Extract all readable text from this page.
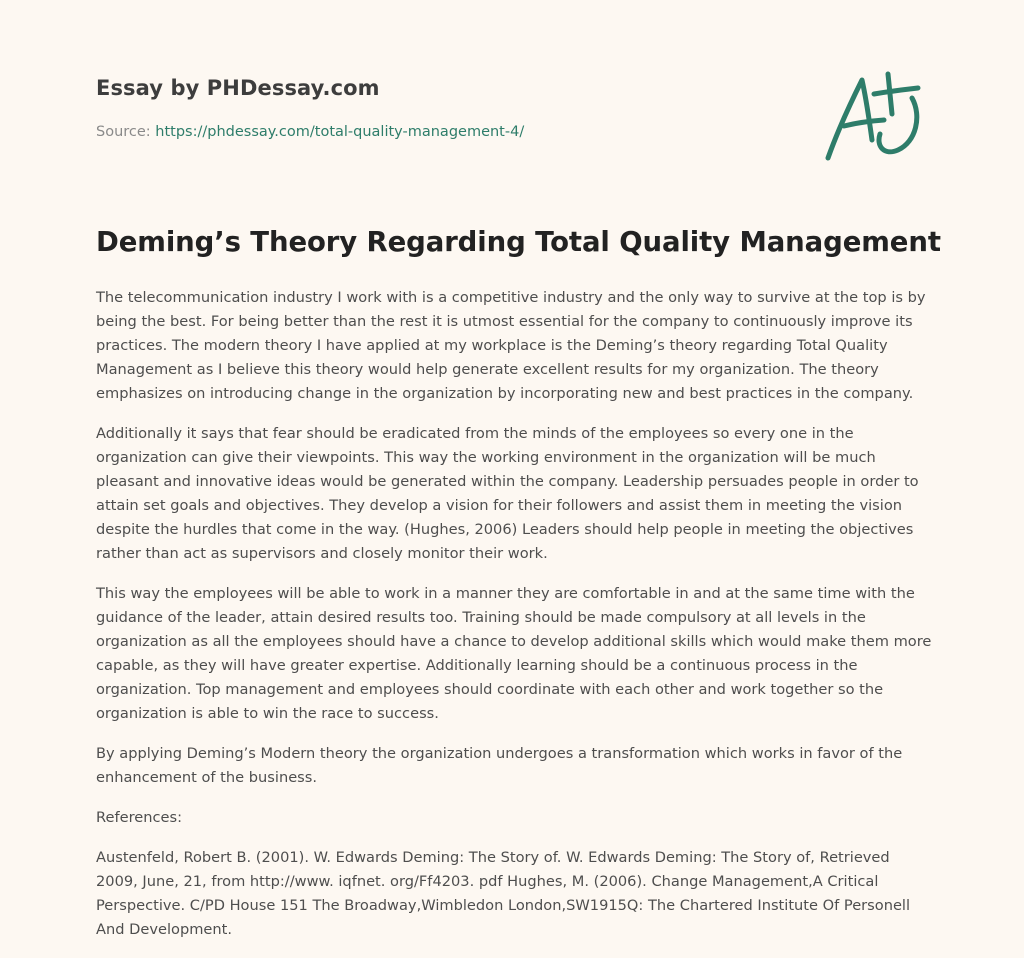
Essay by PHDessay.com
Source: https://phdessay.com/total-quality-management-4/
Deming’s Theory Regarding Total Quality Management

The telecommunication industry I work with is a competitive industry and the only way to survive at the top is by being the best. For being better than the rest it is utmost essential for the company to continuously improve its practices. The modern theory I have applied at my workplace is the Deming’s theory regarding Total Quality Management as I believe this theory would help generate excellent results for my organization. The theory emphasizes on introducing change in the organization by incorporating new and best practices in the company.

Additionally it says that fear should be eradicated from the minds of the employees so every one in the organization can give their viewpoints. This way the working environment in the organization will be much pleasant and innovative ideas would be generated within the company. Leadership persuades people in order to attain set goals and objectives. They develop a vision for their followers and assist them in meeting the vision despite the hurdles that come in the way. (Hughes, 2006) Leaders should help people in meeting the objectives rather than act as supervisors and closely monitor their work.

This way the employees will be able to work in a manner they are comfortable in and at the same time with the guidance of the leader, attain desired results too. Training should be made compulsory at all levels in the organization as all the employees should have a chance to develop additional skills which would make them more capable, as they will have greater expertise. Additionally learning should be a continuous process in the organization. Top management and employees should coordinate with each other and work together so the organization is able to win the race to success.

By applying Deming’s Modern theory the organization undergoes a transformation which works in favor of the enhancement of the business.

References:

Austenfeld, Robert B. (2001). W. Edwards Deming: The Story of. W. Edwards Deming: The Story of, Retrieved 2009, June, 21, from http://www. iqfnet. org/Ff4203. pdf Hughes, M. (2006). Change Management,A Critical Perspective. C/PD House 151 The Broadway,Wimbledon London,SW1915Q: The Chartered Institute Of Personell And Development.
